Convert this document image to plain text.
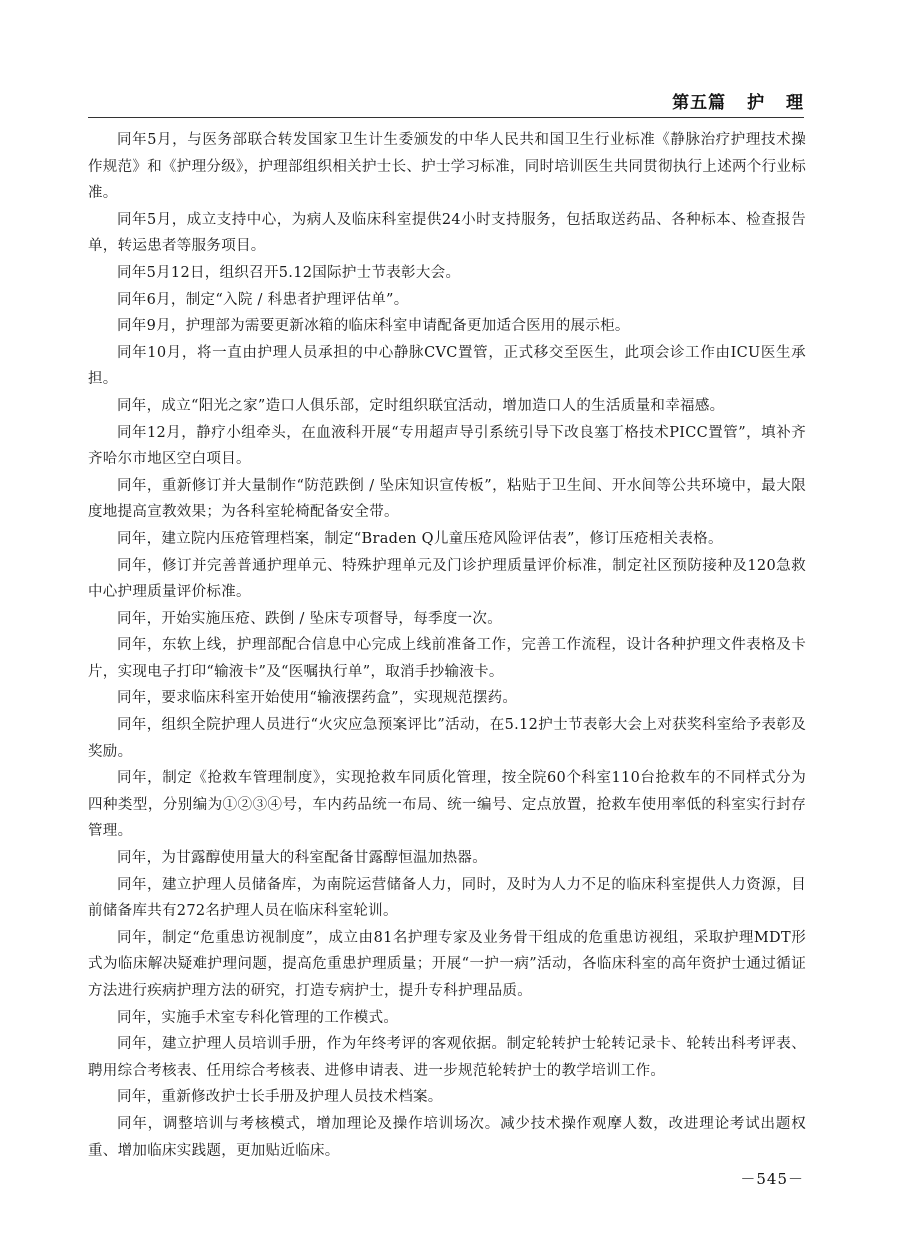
第五篇 护 理

同年5月，与医务部联合转发国家卫生计生委颁发的中华人民共和国卫生行业标准《静脉治疗护理技术操作规范》和《护理分级》，护理部组织相关护士长、护士学习标准，同时培训医生共同贯彻执行上述两个行业标准。

同年5月，成立支持中心，为病人及临床科室提供24小时支持服务，包括取送药品、各种标本、检查报告单，转运患者等服务项目。

同年5月12日，组织召开5.12国际护士节表彰大会。

同年6月，制定“入院 / 科患者护理评估单”。

同年9月，护理部为需要更新冰箱的临床科室申请配备更加适合医用的展示柜。

同年10月，将一直由护理人员承担的中心静脉CVC置管，正式移交至医生，此项会诊工作由ICU医生承担。

同年，成立“阳光之家”造口人俱乐部，定时组织联宜活动，增加造口人的生活质量和幸福感。

同年12月，静疗小组牵头，在血液科开展“专用超声导引系统引导下改良塞丁格技术PICC置管”，填补齐齐哈尔市地区空白项目。

同年，重新修订并大量制作“防范跌倒 / 坠床知识宣传板”，粘贴于卫生间、开水间等公共环境中，最大限度地提高宣教效果；为各科室轮椅配备安全带。

同年，建立院内压疮管理档案，制定“Braden Q儿童压疮风险评估表”，修订压疮相关表格。

同年，修订并完善普通护理单元、特殊护理单元及门诊护理质量评价标准，制定社区预防接种及120急救中心护理质量评价标准。

同年，开始实施压疮、跌倒 / 坠床专项督导，每季度一次。

同年，东软上线，护理部配合信息中心完成上线前准备工作，完善工作流程，设计各种护理文件表格及卡片，实现电子打印“输液卡”及“医嘱执行单”，取消手抄输液卡。

同年，要求临床科室开始使用“输液摆药盒”，实现规范摆药。

同年，组织全院护理人员进行“火灾应急预案评比”活动，在5.12护士节表彰大会上对获奖科室给予表彰及奖励。

同年，制定《抢救车管理制度》，实现抢救车同质化管理，按全院60个科室110台抢救车的不同样式分为四种类型，分别编为①②③④号，车内药品统一布局、统一编号、定点放置，抢救车使用率低的科室实行封存管理。

同年，为甘露醇使用量大的科室配备甘露醇恒温加热器。

同年，建立护理人员储备库，为南院运营储备人力，同时，及时为人力不足的临床科室提供人力资源，目前储备库共有272名护理人员在临床科室轮训。

同年，制定“危重患访视制度”，成立由81名护理专家及业务骨干组成的危重患访视组，采取护理MDT形式为临床解决疑难护理问题，提高危重患护理质量；开展“一护一病”活动，各临床科室的高年资护士通过循证方法进行疾病护理方法的研究，打造专病护士，提升专科护理品质。

同年，实施手术室专科化管理的工作模式。

同年，建立护理人员培训手册，作为年终考评的客观依据。制定轮转护士轮转记录卡、轮转出科考评表、聘用综合考核表、任用综合考核表、进修申请表、进一步规范轮转护士的教学培训工作。

同年，重新修改护士长手册及护理人员技术档案。

同年，调整培训与考核模式，增加理论及操作培训场次。减少技术操作观摩人数，改进理论考试出题权重、增加临床实践题，更加贴近临床。

－545－
